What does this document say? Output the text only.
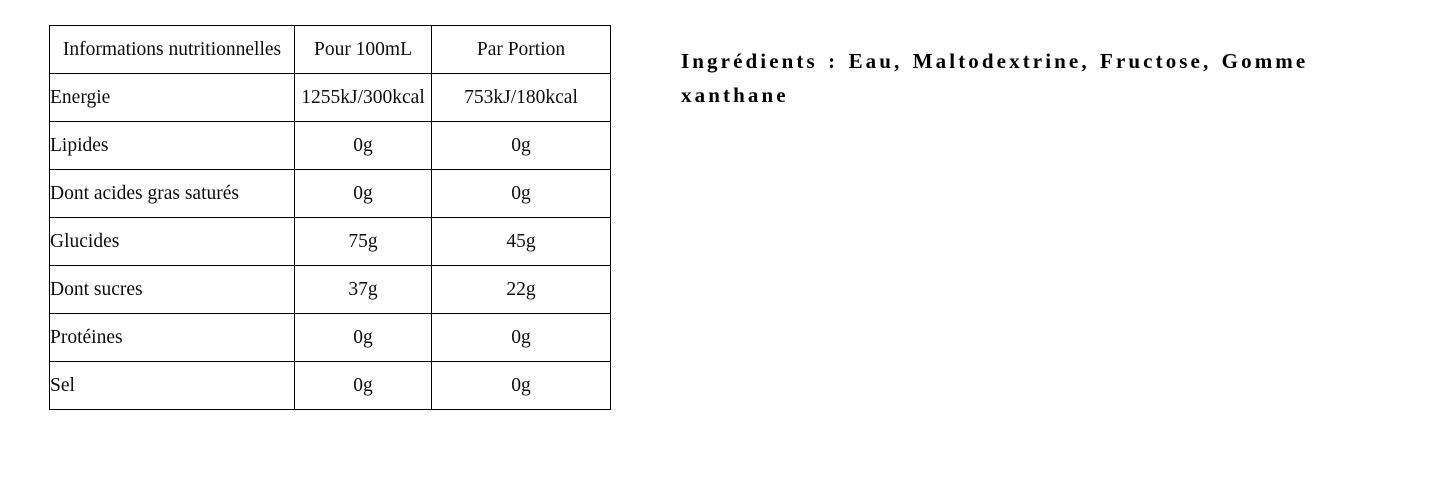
Informations nutritionnelles	Pour 100mL	Par Portion
Energie	1255kJ/300kcal	753kJ/180kcal
Lipides	0g	0g
Dont acides gras saturés	0g	0g
Glucides	75g	45g
Dont sucres	37g	22g
Protéines	0g	0g
Sel	0g	0g
Ingrédients : Eau, Maltodextrine, Fructose, Gomme xanthane
